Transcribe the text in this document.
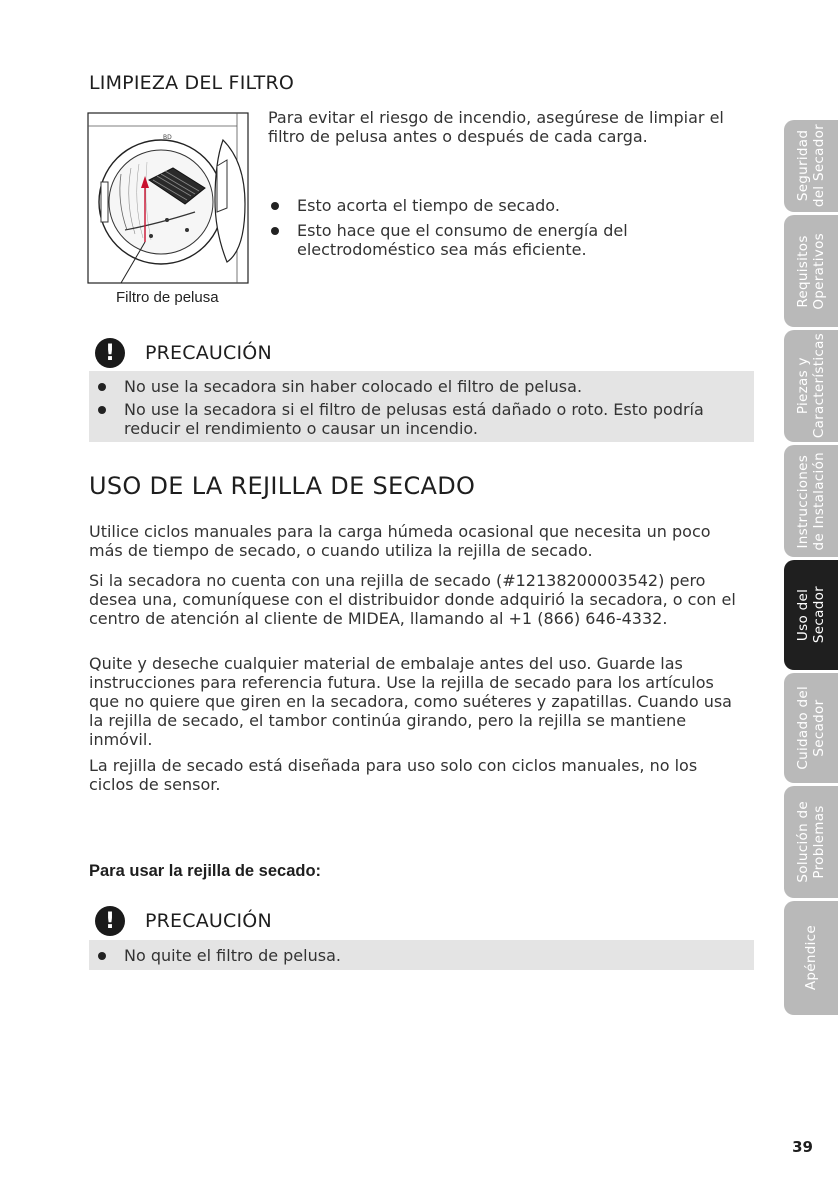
LIMPIEZA DEL FILTRO
BD
Filtro de pelusa

Para evitar el riesgo de incendio, asegúrese de limpiar el filtro de pelusa antes o después de cada carga.

Esto acorta el tiempo de secado.
Esto hace que el consumo de energía del electrodoméstico sea más eficiente.
!	PRECAUCIÓN
No use la secadora sin haber colocado el filtro de pelusa.
No use la secadora si el filtro de pelusas está dañado o roto. Esto podría reducir el rendimiento o causar un incendio.
USO DE LA REJILLA DE SECADO

Utilice ciclos manuales para la carga húmeda ocasional que necesita un poco más de tiempo de secado, o cuando utiliza la rejilla de secado.

Si la secadora no cuenta con una rejilla de secado (#12138200003542) pero desea una, comuníquese con el distribuidor donde adquirió la secadora, o con el centro de atención al cliente de MIDEA, llamando al +1 (866) 646-4332.

Quite y deseche cualquier material de embalaje antes del uso. Guarde las instrucciones para referencia futura. Use la rejilla de secado para los artículos que no quiere que giren en la secadora, como suéteres y zapatillas. Cuando usa la rejilla de secado, el tambor continúa girando, pero la rejilla se mantiene inmóvil.

La rejilla de secado está diseñada para uso solo con ciclos manuales, no los ciclos de sensor.

Para usar la rejilla de secado:
!	PRECAUCIÓN
No quite el filtro de pelusa.
Seguridad
del Secador
Requisitos
Operativos
Piezas y
Características
Instrucciones
de Instalación
Uso del
Secador
Cuidado del
Secador
Solución de
Problemas
Apéndice
39
